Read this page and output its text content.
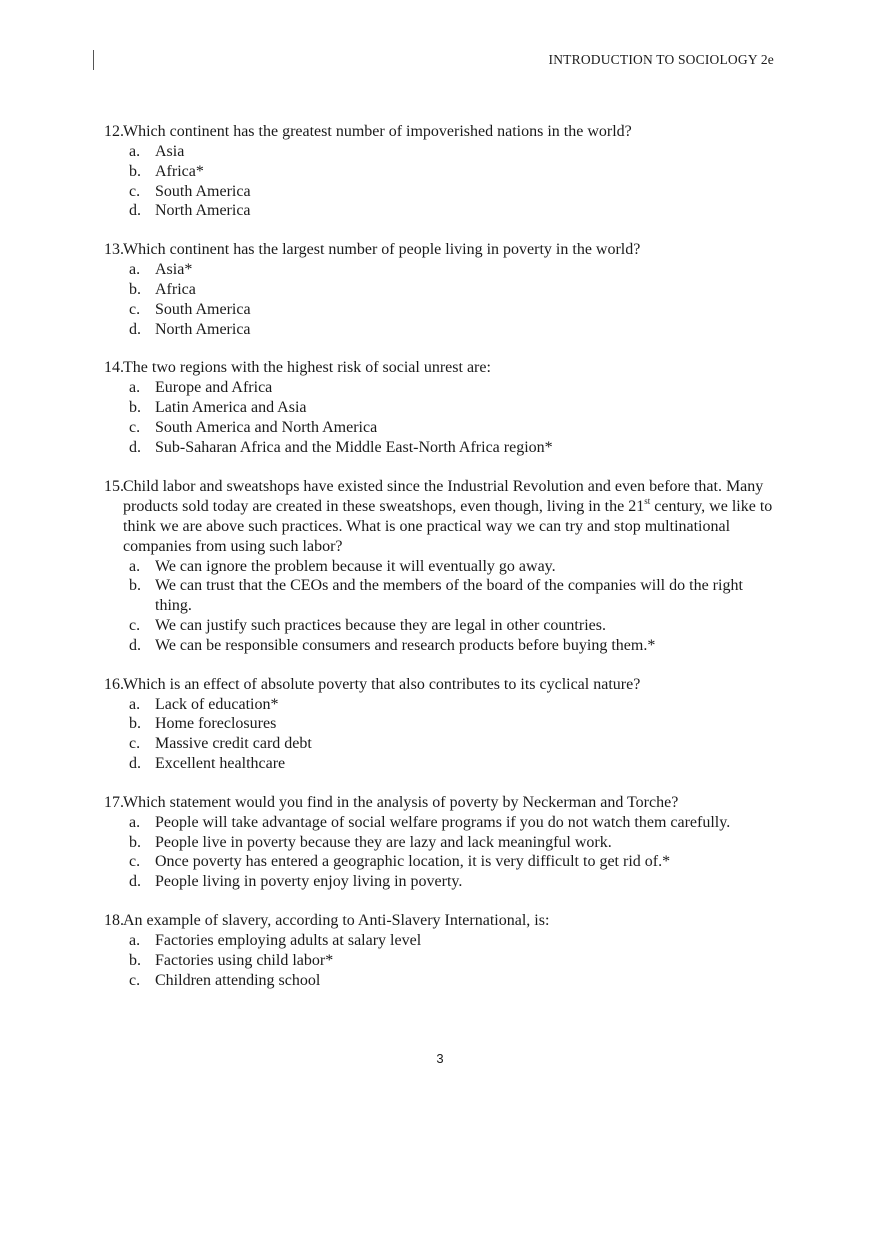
INTRODUCTION TO SOCIOLOGY 2e
12. Which continent has the greatest number of impoverished nations in the world?
a. Asia
b. Africa*
c. South America
d. North America
13. Which continent has the largest number of people living in poverty in the world?
a. Asia*
b. Africa
c. South America
d. North America
14. The two regions with the highest risk of social unrest are:
a. Europe and Africa
b. Latin America and Asia
c. South America and North America
d. Sub-Saharan Africa and the Middle East-North Africa region*
15. Child labor and sweatshops have existed since the Industrial Revolution and even before that. Many products sold today are created in these sweatshops, even though, living in the 21st century, we like to think we are above such practices. What is one practical way we can try and stop multinational companies from using such labor?
a. We can ignore the problem because it will eventually go away.
b. We can trust that the CEOs and the members of the board of the companies will do the right thing.
c. We can justify such practices because they are legal in other countries.
d. We can be responsible consumers and research products before buying them.*
16. Which is an effect of absolute poverty that also contributes to its cyclical nature?
a. Lack of education*
b. Home foreclosures
c. Massive credit card debt
d. Excellent healthcare
17. Which statement would you find in the analysis of poverty by Neckerman and Torche?
a. People will take advantage of social welfare programs if you do not watch them carefully.
b. People live in poverty because they are lazy and lack meaningful work.
c. Once poverty has entered a geographic location, it is very difficult to get rid of.*
d. People living in poverty enjoy living in poverty.
18. An example of slavery, according to Anti-Slavery International, is:
a. Factories employing adults at salary level
b. Factories using child labor*
c. Children attending school
3
